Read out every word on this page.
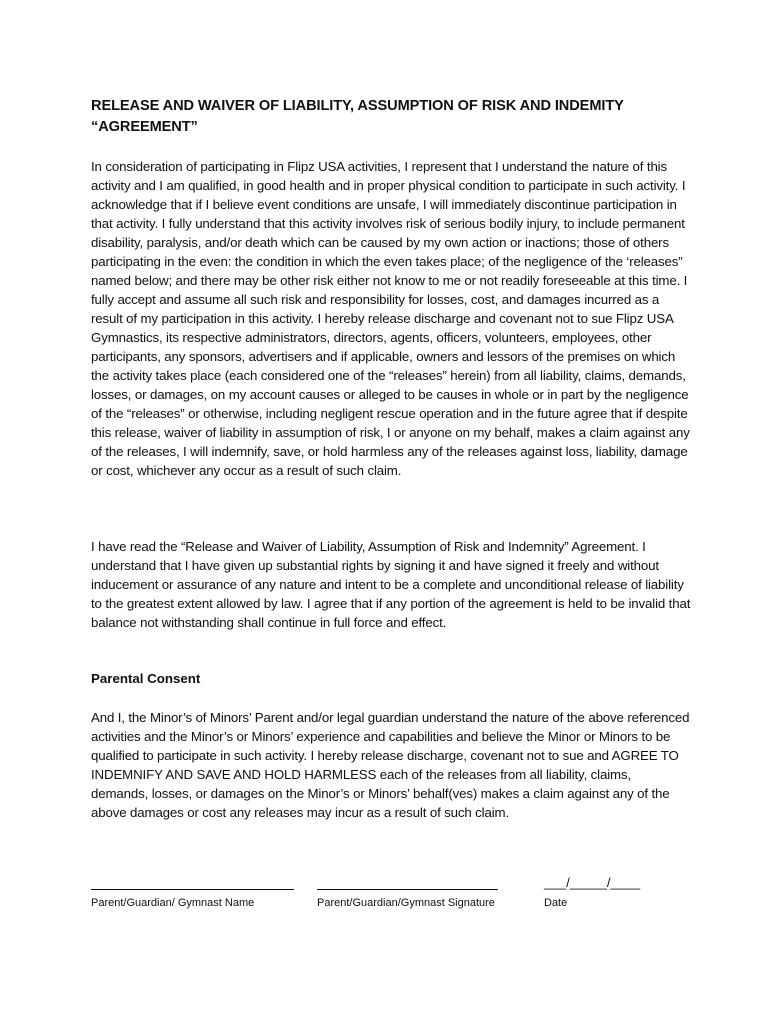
RELEASE AND WAIVER OF LIABILITY, ASSUMPTION OF RISK AND INDEMITY “AGREEMENT”

In consideration of participating in Flipz USA activities, I represent that I understand the nature of this activity and I am qualified, in good health and in proper physical condition to participate in such activity. I acknowledge that if I believe event conditions are unsafe, I will immediately discontinue participation in that activity. I fully understand that this activity involves risk of serious bodily injury, to include permanent disability, paralysis, and/or death which can be caused by my own action or inactions; those of others participating in the even: the condition in which the even takes place; of the negligence of the ‘releases” named below; and there may be other risk either not know to me or not readily foreseeable at this time. I fully accept and assume all such risk and responsibility for losses, cost, and damages incurred as a result of my participation in this activity. I hereby release discharge and covenant not to sue Flipz USA Gymnastics, its respective administrators, directors, agents, officers, volunteers, employees, other participants, any sponsors, advertisers and if applicable, owners and lessors of the premises on which the activity takes place (each considered one of the “releases” herein) from all liability, claims, demands, losses, or damages, on my account causes or alleged to be causes in whole or in part by the negligence of the “releases” or otherwise, including negligent rescue operation and in the future agree that if despite this release, waiver of liability in assumption of risk, I or anyone on my behalf, makes a claim against any of the releases, I will indemnify, save, or hold harmless any of the releases against loss, liability, damage or cost, whichever any occur as a result of such claim.

I have read the “Release and Waiver of Liability, Assumption of Risk and Indemnity” Agreement. I understand that I have given up substantial rights by signing it and have signed it freely and without inducement or assurance of any nature and intent to be a complete and unconditional release of liability to the greatest extent allowed by law. I agree that if any portion of the agreement is held to be invalid that balance not withstanding shall continue in full force and effect.

Parental Consent

And I, the Minor’s of Minors’ Parent and/or legal guardian understand the nature of the above referenced activities and the Minor’s or Minors’ experience and capabilities and believe the Minor or Minors to be qualified to participate in such activity. I hereby release discharge, covenant not to sue and AGREE TO INDEMNIFY AND SAVE AND HOLD HARMLESS each of the releases from all liability, claims, demands, losses, or damages on the Minor’s or Minors’ behalf(ves) makes a claim against any of the above damages or cost any releases may incur as a result of such claim.

Parent/Guardian/ Gymnast Name	Parent/Guardian/Gymnast Signature

___/_____/____

Date
